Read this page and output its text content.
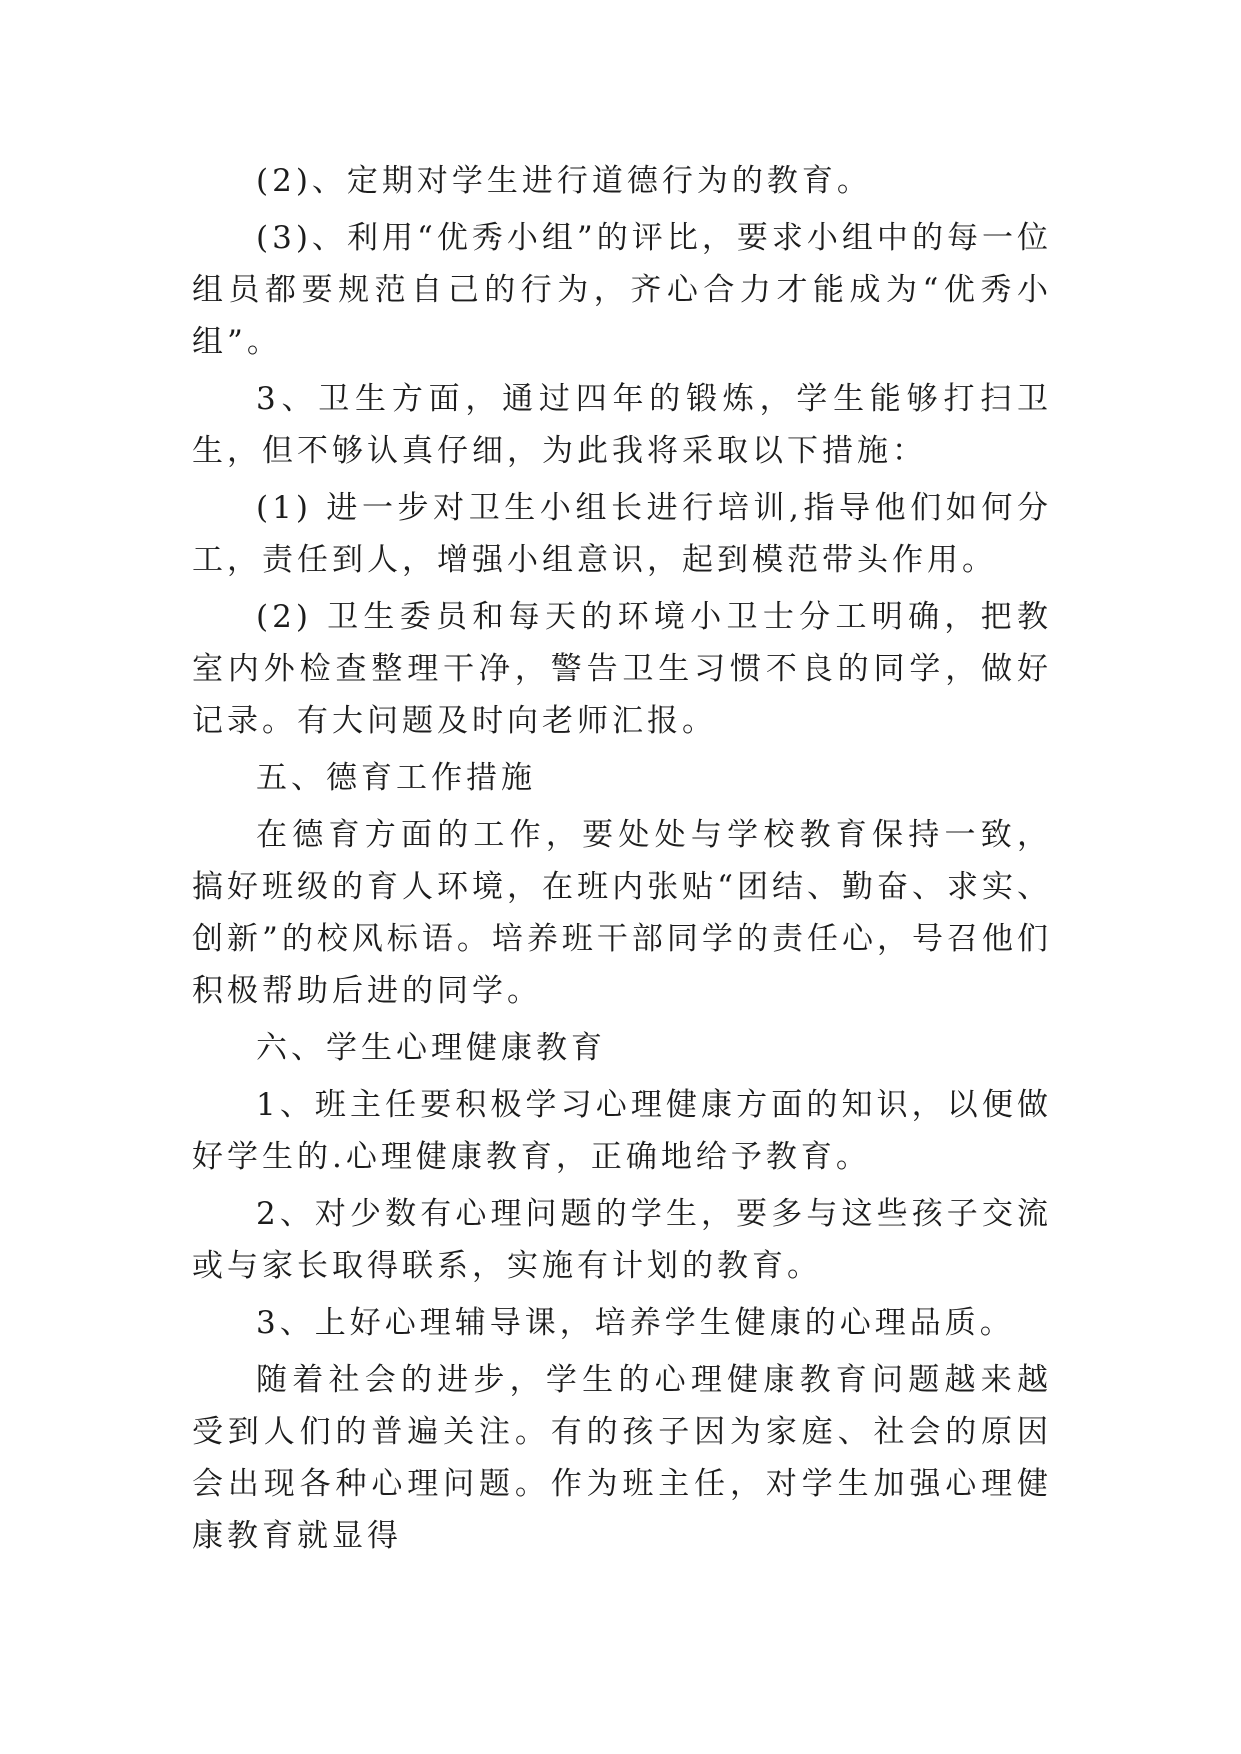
(2)、定期对学生进行道德行为的教育。

(3)、利用“优秀小组”的评比，要求小组中的每一位组员都要规范自己的行为，齐心合力才能成为“优秀小组”。

3、卫生方面，通过四年的锻炼，学生能够打扫卫生，但不够认真仔细，为此我将采取以下措施：

(1) 进一步对卫生小组长进行培训,指导他们如何分工，责任到人，增强小组意识，起到模范带头作用。

(2) 卫生委员和每天的环境小卫士分工明确，把教室内外检查整理干净，警告卫生习惯不良的同学，做好记录。有大问题及时向老师汇报。

五、德育工作措施

在德育方面的工作，要处处与学校教育保持一致，搞好班级的育人环境，在班内张贴“团结、勤奋、求实、创新”的校风标语。培养班干部同学的责任心，号召他们积极帮助后进的同学。

六、学生心理健康教育

1、班主任要积极学习心理健康方面的知识，以便做好学生的.心理健康教育，正确地给予教育。

2、对少数有心理问题的学生，要多与这些孩子交流或与家长取得联系，实施有计划的教育。

3、上好心理辅导课，培养学生健康的心理品质。

随着社会的进步，学生的心理健康教育问题越来越受到人们的普遍关注。有的孩子因为家庭、社会的原因会出现各种心理问题。作为班主任，对学生加强心理健康教育就显得
